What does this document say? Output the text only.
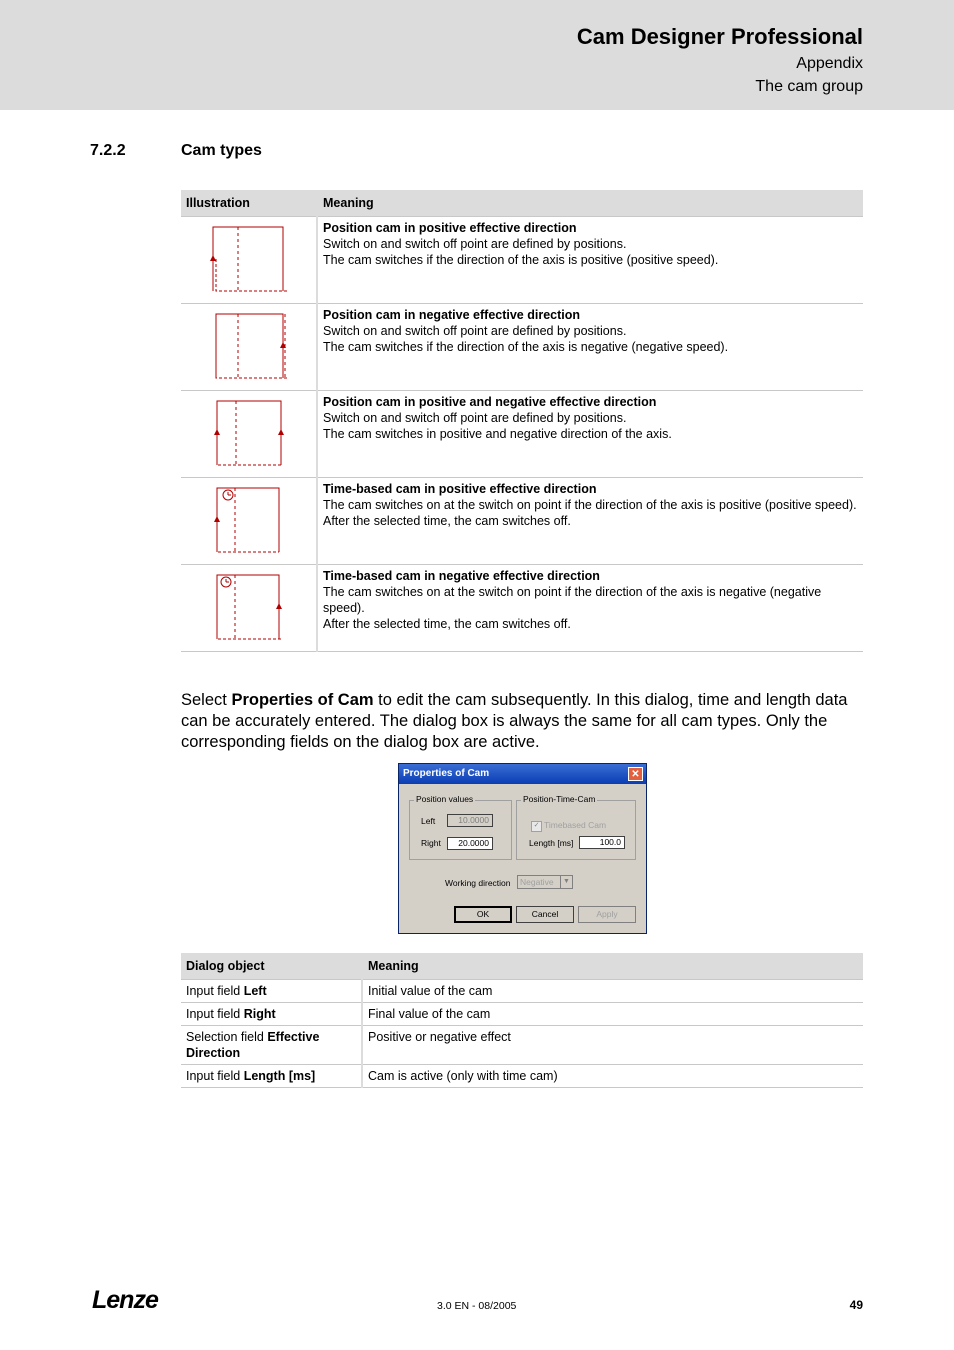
Cam Designer Professional
Appendix
The cam group
7.2.2	Cam types
Illustration	Meaning

Position cam in positive effective direction
Switch on and switch off point are defined by positions.
The cam switches if the direction of the axis is positive (positive speed).

Position cam in negative effective direction
Switch on and switch off point are defined by positions.
The cam switches if the direction of the axis is negative (negative speed).

Position cam in positive and negative effective direction
Switch on and switch off point are defined by positions.
The cam switches in positive and negative direction of the axis.

Time-based cam in positive effective direction
The cam switches on at the switch on point if the direction of the axis is positive (positive speed).
After the selected time, the cam switches off.

Time-based cam in negative effective direction
The cam switches on at the switch on point if the direction of the axis is negative (negative speed).
After the selected time, the cam switches off.
Select Properties of Cam to edit the cam subsequently. In this dialog, time and length data can be accurately entered. The dialog box is always the same for all cam types. Only the corresponding fields on the dialog box are active.
Properties of Cam	✕
Position values
Left	10.0000
Right	20.0000
Position-Time-Cam
✓ Timebased Cam
Length [ms]	100.0
Working direction	Negative	▼
OK	Cancel	Apply
Dialog object	Meaning
Input field Left	Initial value of the cam
Input field Right	Final value of the cam
Selection field Effective Direction	Positive or negative effect
Input field Length [ms]	Cam is active (only with time cam)
Lenze	3.0 EN - 08/2005	49
